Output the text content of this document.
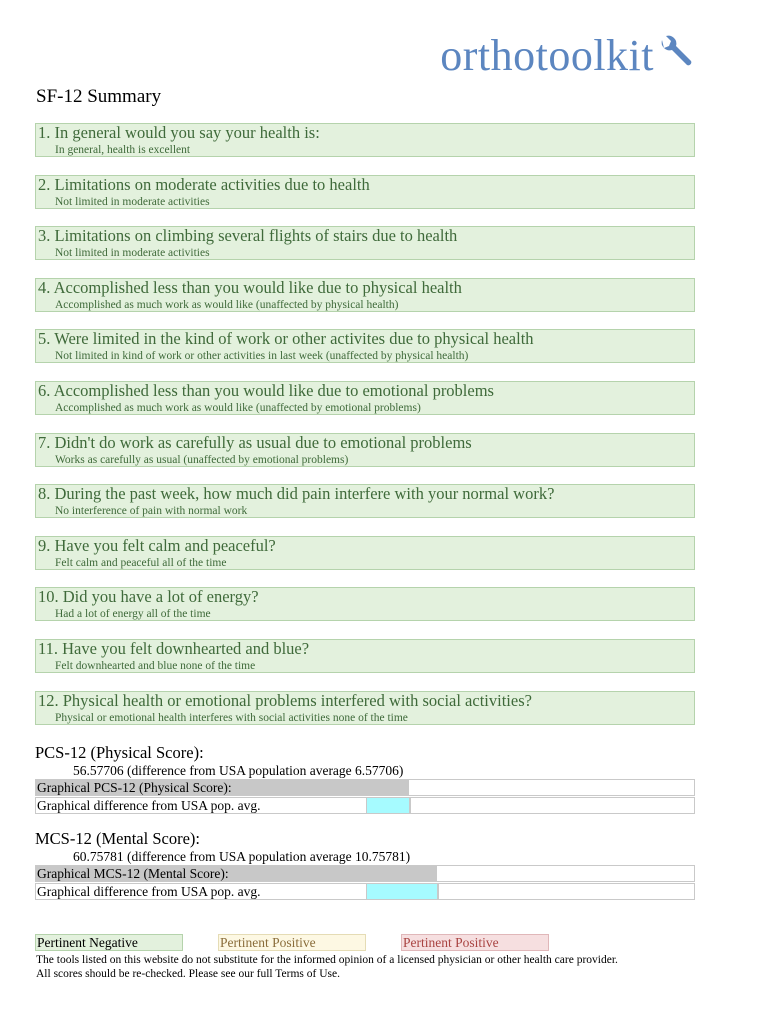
orthotoolkit
SF-12 Summary
1. In general would you say your health is:
In general, health is excellent
2. Limitations on moderate activities due to health
Not limited in moderate activities
3. Limitations on climbing several flights of stairs due to health
Not limited in moderate activities
4. Accomplished less than you would like due to physical health
Accomplished as much work as would like (unaffected by physical health)
5. Were limited in the kind of work or other activites due to physical health
Not limited in kind of work or other activities in last week (unaffected by physical health)
6. Accomplished less than you would like due to emotional problems
Accomplished as much work as would like (unaffected by emotional problems)
7. Didn't do work as carefully as usual due to emotional problems
Works as carefully as usual (unaffected by emotional problems)
8. During the past week, how much did pain interfere with your normal work?
No interference of pain with normal work
9. Have you felt calm and peaceful?
Felt calm and peaceful all of the time
10. Did you have a lot of energy?
Had a lot of energy all of the time
11. Have you felt downhearted and blue?
Felt downhearted and blue none of the time
12. Physical health or emotional problems interfered with social activities?
Physical or emotional health interferes with social activities none of the time
PCS-12 (Physical Score):
56.57706 (difference from USA population average 6.57706)
Graphical PCS-12 (Physical Score):
Graphical difference from USA pop. avg.
MCS-12 (Mental Score):
60.75781 (difference from USA population average 10.75781)
Graphical MCS-12 (Mental Score):
Graphical difference from USA pop. avg.
Pertinent Negative	Pertinent Positive	Pertinent Positive
The tools listed on this website do not substitute for the informed opinion of a licensed physician or other health care provider.
All scores should be re-checked. Please see our full Terms of Use.
